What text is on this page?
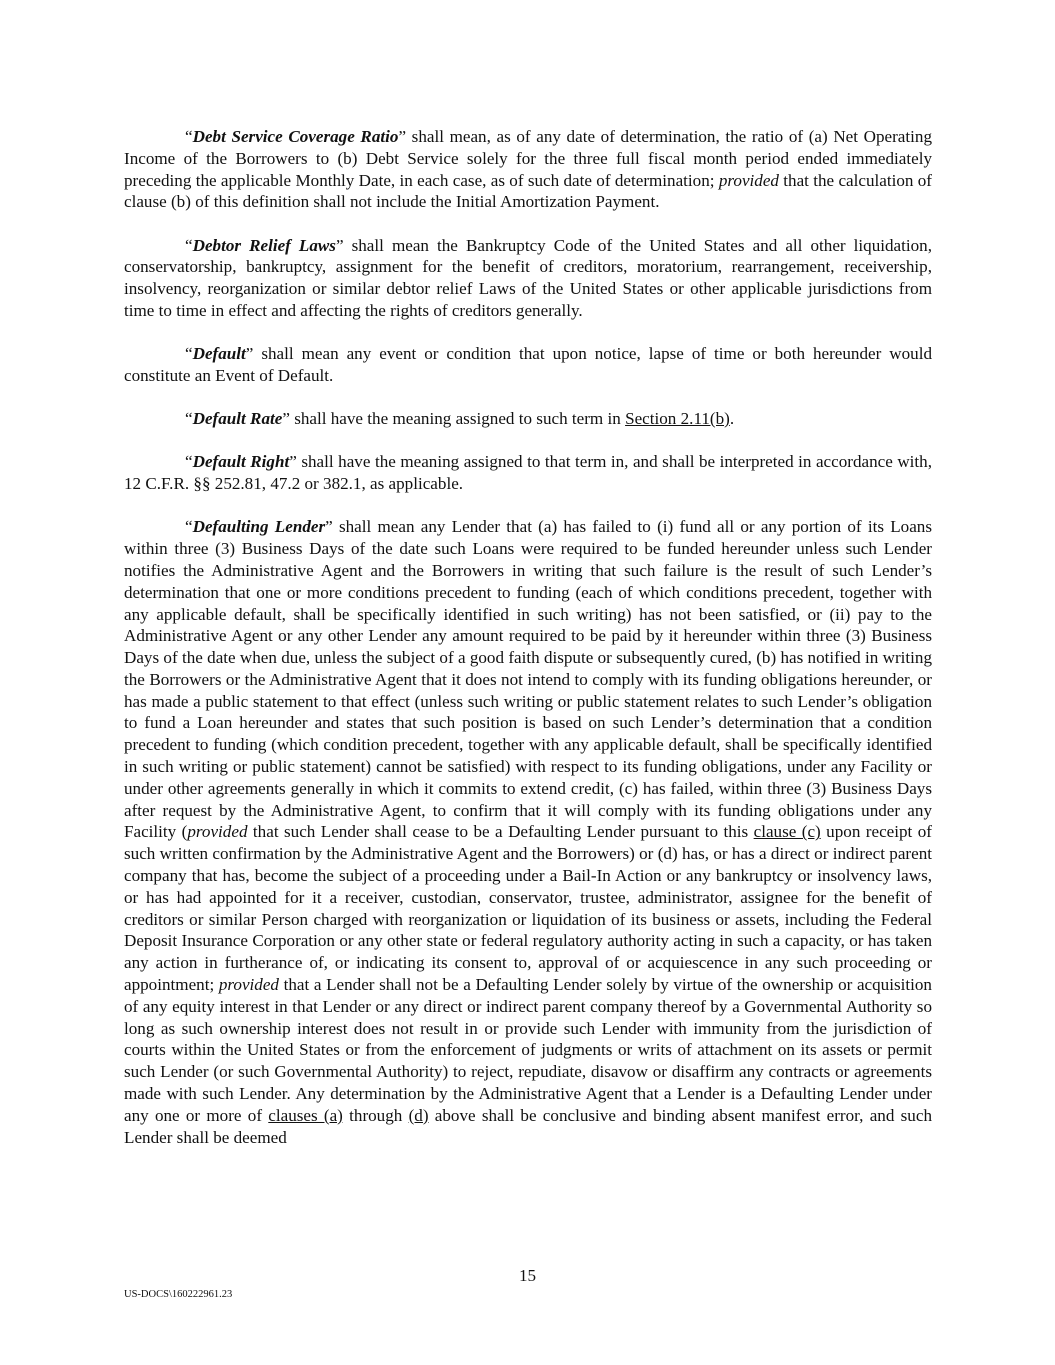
“Debt Service Coverage Ratio” shall mean, as of any date of determination, the ratio of (a) Net Operating Income of the Borrowers to (b) Debt Service solely for the three full fiscal month period ended immediately preceding the applicable Monthly Date, in each case, as of such date of determination; provided that the calculation of clause (b) of this definition shall not include the Initial Amortization Payment.

“Debtor Relief Laws” shall mean the Bankruptcy Code of the United States and all other liquidation, conservatorship, bankruptcy, assignment for the benefit of creditors, moratorium, rearrangement, receivership, insolvency, reorganization or similar debtor relief Laws of the United States or other applicable jurisdictions from time to time in effect and affecting the rights of creditors generally.

“Default” shall mean any event or condition that upon notice, lapse of time or both hereunder would constitute an Event of Default.

“Default Rate” shall have the meaning assigned to such term in Section 2.11(b).

“Default Right” shall have the meaning assigned to that term in, and shall be interpreted in accordance with, 12 C.F.R. §§ 252.81, 47.2 or 382.1, as applicable.

“Defaulting Lender” shall mean any Lender that (a) has failed to (i) fund all or any portion of its Loans within three (3) Business Days of the date such Loans were required to be funded hereunder unless such Lender notifies the Administrative Agent and the Borrowers in writing that such failure is the result of such Lender’s determination that one or more conditions precedent to funding (each of which conditions precedent, together with any applicable default, shall be specifically identified in such writing) has not been satisfied, or (ii) pay to the Administrative Agent or any other Lender any amount required to be paid by it hereunder within three (3) Business Days of the date when due, unless the subject of a good faith dispute or subsequently cured, (b) has notified in writing the Borrowers or the Administrative Agent that it does not intend to comply with its funding obligations hereunder, or has made a public statement to that effect (unless such writing or public statement relates to such Lender’s obligation to fund a Loan hereunder and states that such position is based on such Lender’s determination that a condition precedent to funding (which condition precedent, together with any applicable default, shall be specifically identified in such writing or public statement) cannot be satisfied) with respect to its funding obligations, under any Facility or under other agreements generally in which it commits to extend credit, (c) has failed, within three (3) Business Days after request by the Administrative Agent, to confirm that it will comply with its funding obligations under any Facility (provided that such Lender shall cease to be a Defaulting Lender pursuant to this clause (c) upon receipt of such written confirmation by the Administrative Agent and the Borrowers) or (d) has, or has a direct or indirect parent company that has, become the subject of a proceeding under a Bail-In Action or any bankruptcy or insolvency laws, or has had appointed for it a receiver, custodian, conservator, trustee, administrator, assignee for the benefit of creditors or similar Person charged with reorganization or liquidation of its business or assets, including the Federal Deposit Insurance Corporation or any other state or federal regulatory authority acting in such a capacity, or has taken any action in furtherance of, or indicating its consent to, approval of or acquiescence in any such proceeding or appointment; provided that a Lender shall not be a Defaulting Lender solely by virtue of the ownership or acquisition of any equity interest in that Lender or any direct or indirect parent company thereof by a Governmental Authority so long as such ownership interest does not result in or provide such Lender with immunity from the jurisdiction of courts within the United States or from the enforcement of judgments or writs of attachment on its assets or permit such Lender (or such Governmental Authority) to reject, repudiate, disavow or disaffirm any contracts or agreements made with such Lender. Any determination by the Administrative Agent that a Lender is a Defaulting Lender under any one or more of clauses (a) through (d) above shall be conclusive and binding absent manifest error, and such Lender shall be deemed

15
US-DOCS\160222961.23
